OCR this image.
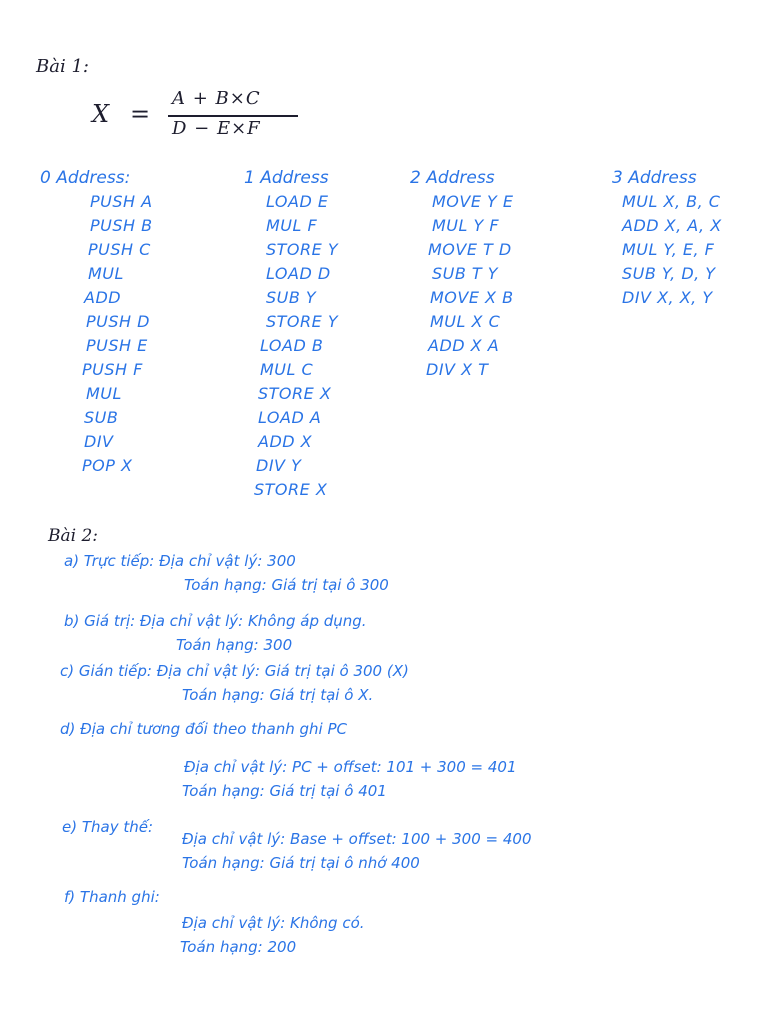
Bài 1:
X =
A + B×C
D − E×F
0 Address:
PUSH A
PUSH B
PUSH C
MUL
ADD
PUSH D
PUSH E
PUSH F
MUL
SUB
DIV
POP X
1 Address
LOAD E
MUL F
STORE Y
LOAD D
SUB Y
STORE Y
LOAD B
MUL C
STORE X
LOAD A
ADD X
DIV Y
STORE X
2 Address
MOVE Y E
MUL Y F
MOVE T D
SUB T Y
MOVE X B
MUL X C
ADD X A
DIV X T
3 Address
MUL X, B, C
ADD X, A, X
MUL Y, E, F
SUB Y, D, Y
DIV X, X, Y
Bài 2:
a) Trực tiếp: Địa chỉ vật lý: 300
Toán hạng: Giá trị tại ô 300
b) Giá trị: Địa chỉ vật lý: Không áp dụng.
Toán hạng: 300
c) Gián tiếp: Địa chỉ vật lý: Giá trị tại ô 300 (X)
Toán hạng: Giá trị tại ô X.
d) Địa chỉ tương đối theo thanh ghi PC
Địa chỉ vật lý: PC + offset: 101 + 300 = 401
Toán hạng: Giá trị tại ô 401
e) Thay thế:
Địa chỉ vật lý: Base + offset: 100 + 300 = 400
Toán hạng: Giá trị tại ô nhớ 400
f) Thanh ghi:
Địa chỉ vật lý: Không có.
Toán hạng: 200
